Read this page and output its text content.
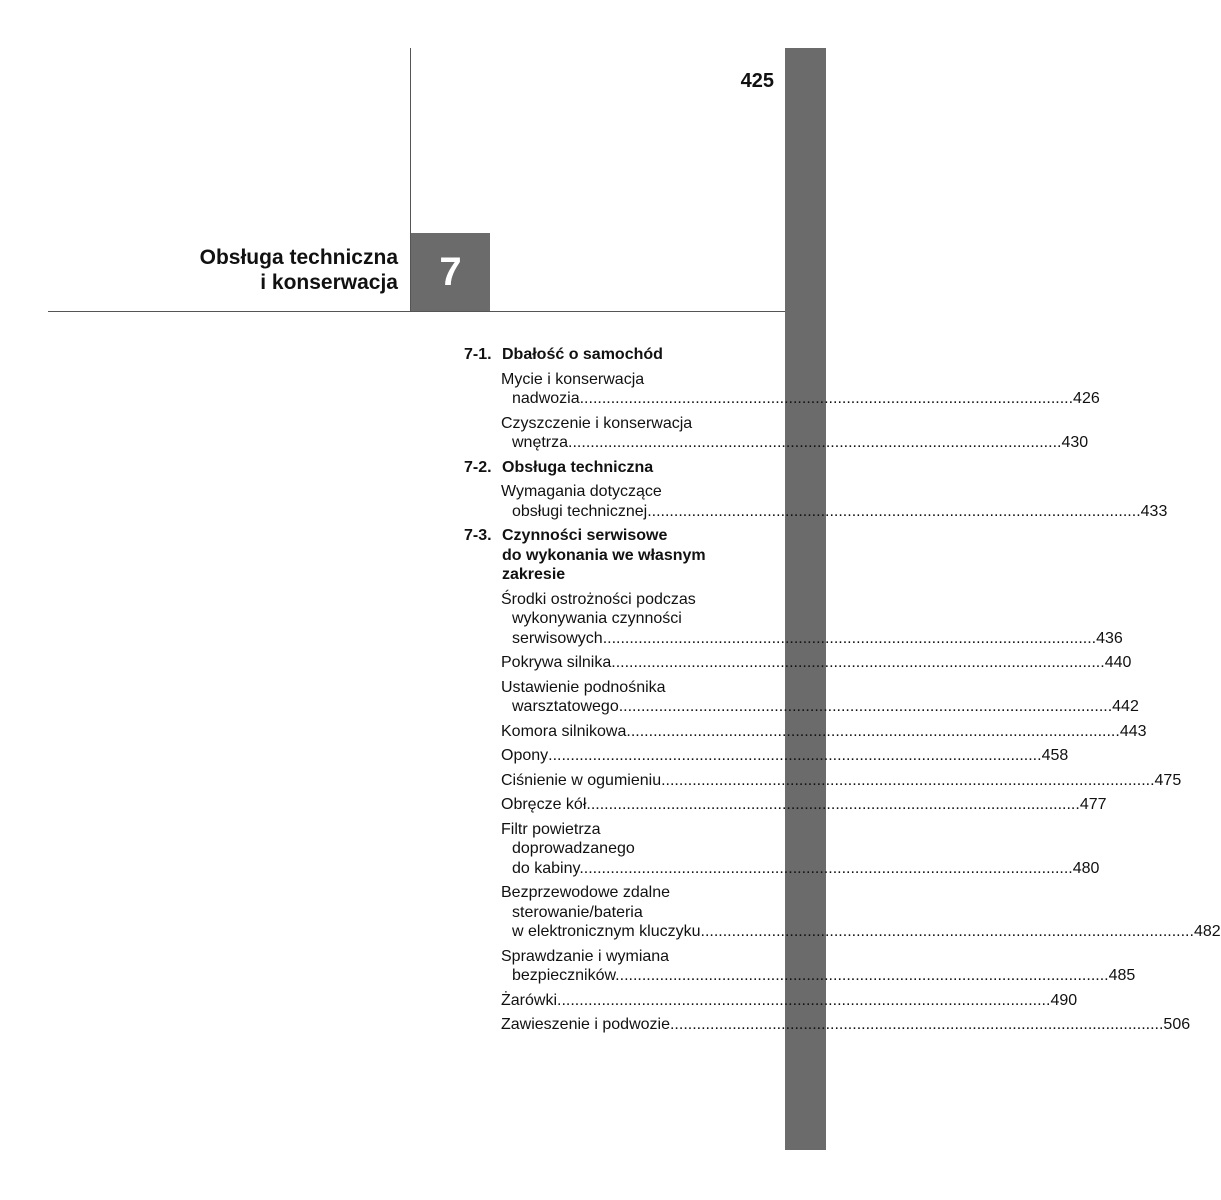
425
7
Obsługa techniczna
i konserwacja
7-1. Dbałość o samochód
Mycie i konserwacja
nadwozia .....	426
Czyszczenie i konserwacja
wnętrza .....	430
7-2. Obsługa techniczna
Wymagania dotyczące
obsługi technicznej .....	433
7-3. Czynności serwisowe
do wykonania we własnym
zakresie
Środki ostrożności podczas
wykonywania czynności
serwisowych .....	436
Pokrywa silnika .....	440
Ustawienie podnośnika
warsztatowego .....	442
Komora silnikowa .....	443
Opony .....	458
Ciśnienie w ogumieniu .....	475
Obręcze kół .....	477
Filtr powietrza
doprowadzanego
do kabiny .....	480
Bezprzewodowe zdalne
sterowanie/bateria
w elektronicznym kluczyku .....	482
Sprawdzanie i wymiana
bezpieczników .....	485
Żarówki .....	490
Zawieszenie i podwozie .....	506
